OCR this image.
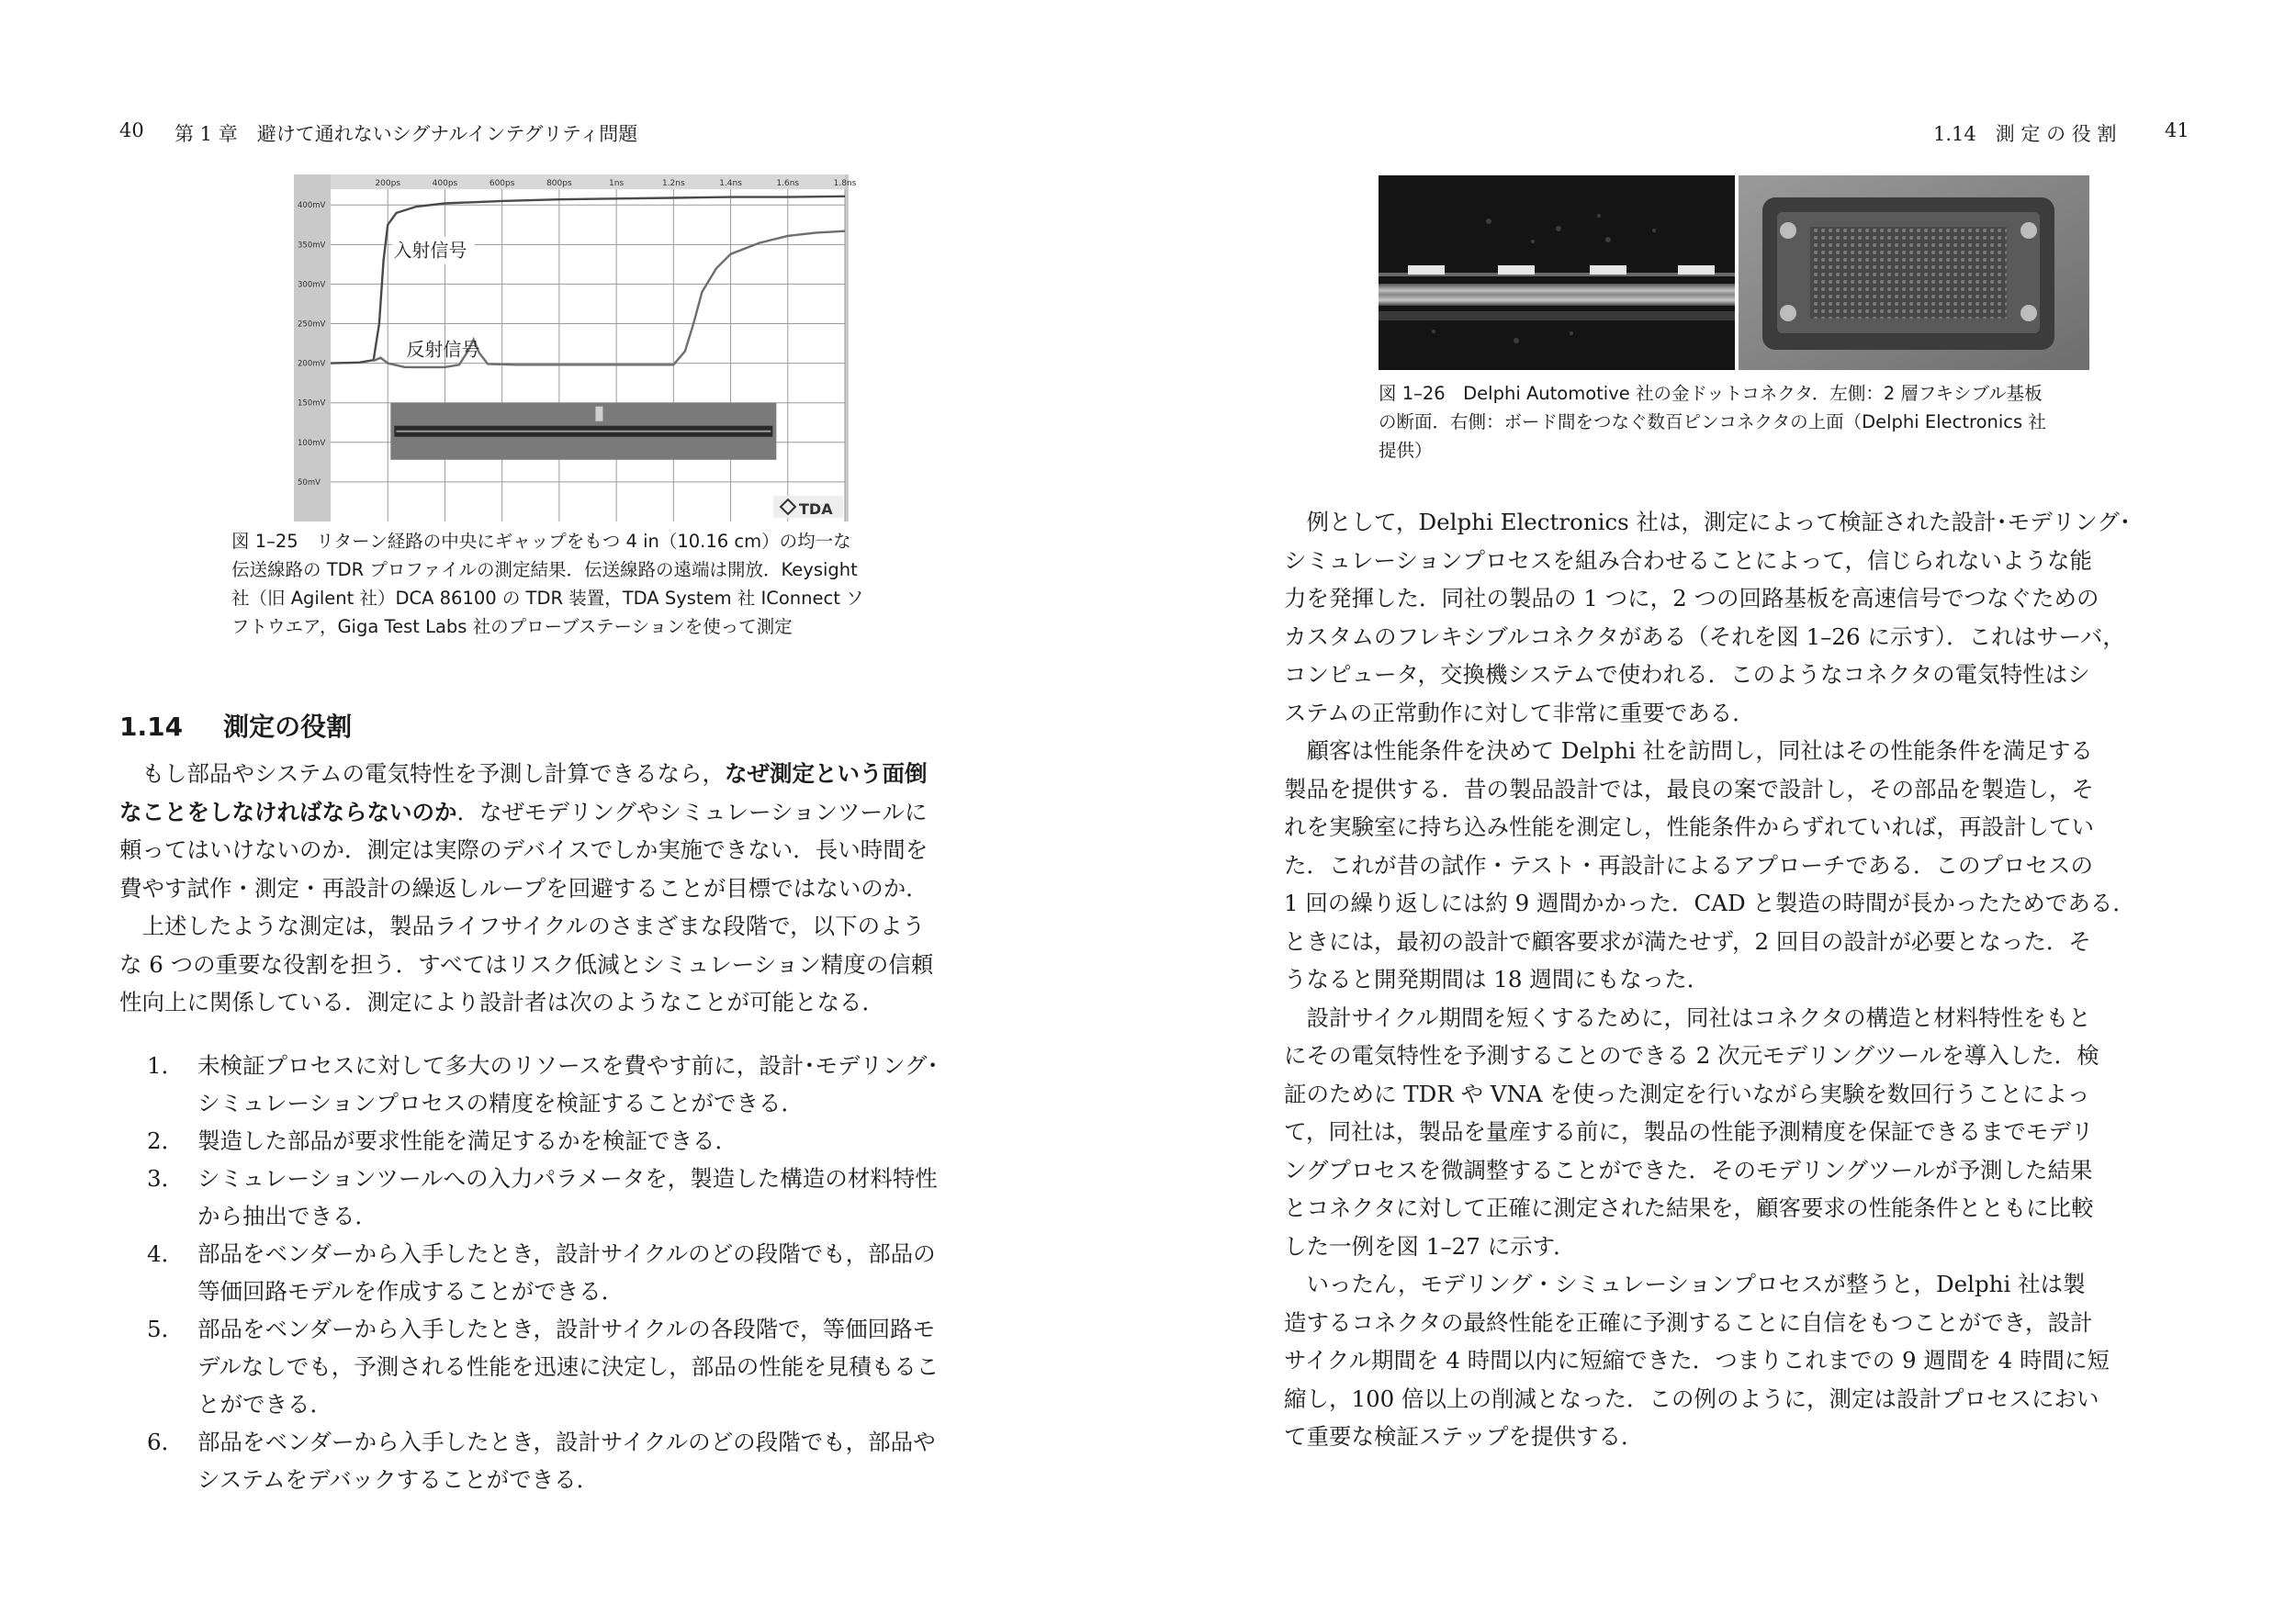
40 第 1 章　避けて通れないシグナルインテグリティ問題
200ps	400ps	600ps	800ps	1ns	1.2ns	1.4ns	1.6ns	1.8ns
400mV
350mV
300mV
250mV
200mV
150mV
100mV
50mV
入射信号
反射信号
TDA
図 1–25　リターン経路の中央にギャップをもつ 4 in（10.16 cm）の均一な
伝送線路の TDR プロファイルの測定結果．伝送線路の遠端は開放．Keysight
社（旧 Agilent 社）DCA 86100 の TDR 装置，TDA System 社 IConnect ソ
フトウエア，Giga Test Labs 社のプローブステーションを使って測定
1.14 測定の役割
　もし部品やシステムの電気特性を予測し計算できるなら，なぜ測定という面倒
なことをしなければならないのか．なぜモデリングやシミュレーションツールに
頼ってはいけないのか．測定は実際のデバイスでしか実施できない．長い時間を
費やす試作・測定・再設計の繰返しループを回避することが目標ではないのか．
　上述したような測定は，製品ライフサイクルのさまざまな段階で，以下のよう
な 6 つの重要な役割を担う．すべてはリスク低減とシミュレーション精度の信頼
性向上に関係している．測定により設計者は次のようなことが可能となる．
1． 未検証プロセスに対して多大のリソースを費やす前に，設計･モデリング･
シミュレーションプロセスの精度を検証することができる．
2． 製造した部品が要求性能を満足するかを検証できる．
3． シミュレーションツールへの入力パラメータを，製造した構造の材料特性
から抽出できる．
4． 部品をベンダーから入手したとき，設計サイクルのどの段階でも，部品の
等価回路モデルを作成することができる．
5． 部品をベンダーから入手したとき，設計サイクルの各段階で，等価回路モ
デルなしでも，予測される性能を迅速に決定し，部品の性能を見積もるこ
とができる．
6． 部品をベンダーから入手したとき，設計サイクルのどの段階でも，部品や
システムをデバックすることができる．
1.14　測 定 の 役 割	41
図 1–26　Delphi Automotive 社の金ドットコネクタ．左側：2 層フキシブル基板
の断面．右側：ボード間をつなぐ数百ピンコネクタの上面（Delphi Electronics 社
提供）
　例として，Delphi Electronics 社は，測定によって検証された設計･モデリング･
シミュレーションプロセスを組み合わせることによって，信じられないような能
力を発揮した．同社の製品の 1 つに，2 つの回路基板を高速信号でつなぐための
カスタムのフレキシブルコネクタがある（それを図 1–26 に示す）．これはサーバ，
コンピュータ，交換機システムで使われる．このようなコネクタの電気特性はシ
ステムの正常動作に対して非常に重要である．
　顧客は性能条件を決めて Delphi 社を訪問し，同社はその性能条件を満足する
製品を提供する．昔の製品設計では，最良の案で設計し，その部品を製造し，そ
れを実験室に持ち込み性能を測定し，性能条件からずれていれば，再設計してい
た．これが昔の試作・テスト・再設計によるアプローチである．このプロセスの
1 回の繰り返しには約 9 週間かかった．CAD と製造の時間が長かったためである．
ときには，最初の設計で顧客要求が満たせず，2 回目の設計が必要となった．そ
うなると開発期間は 18 週間にもなった．
　設計サイクル期間を短くするために，同社はコネクタの構造と材料特性をもと
にその電気特性を予測することのできる 2 次元モデリングツールを導入した．検
証のために TDR や VNA を使った測定を行いながら実験を数回行うことによっ
て，同社は，製品を量産する前に，製品の性能予測精度を保証できるまでモデリ
ングプロセスを微調整することができた．そのモデリングツールが予測した結果
とコネクタに対して正確に測定された結果を，顧客要求の性能条件とともに比較
した一例を図 1–27 に示す．
　いったん，モデリング・シミュレーションプロセスが整うと，Delphi 社は製
造するコネクタの最終性能を正確に予測することに自信をもつことができ，設計
サイクル期間を 4 時間以内に短縮できた．つまりこれまでの 9 週間を 4 時間に短
縮し，100 倍以上の削減となった．この例のように，測定は設計プロセスにおい
て重要な検証ステップを提供する．
